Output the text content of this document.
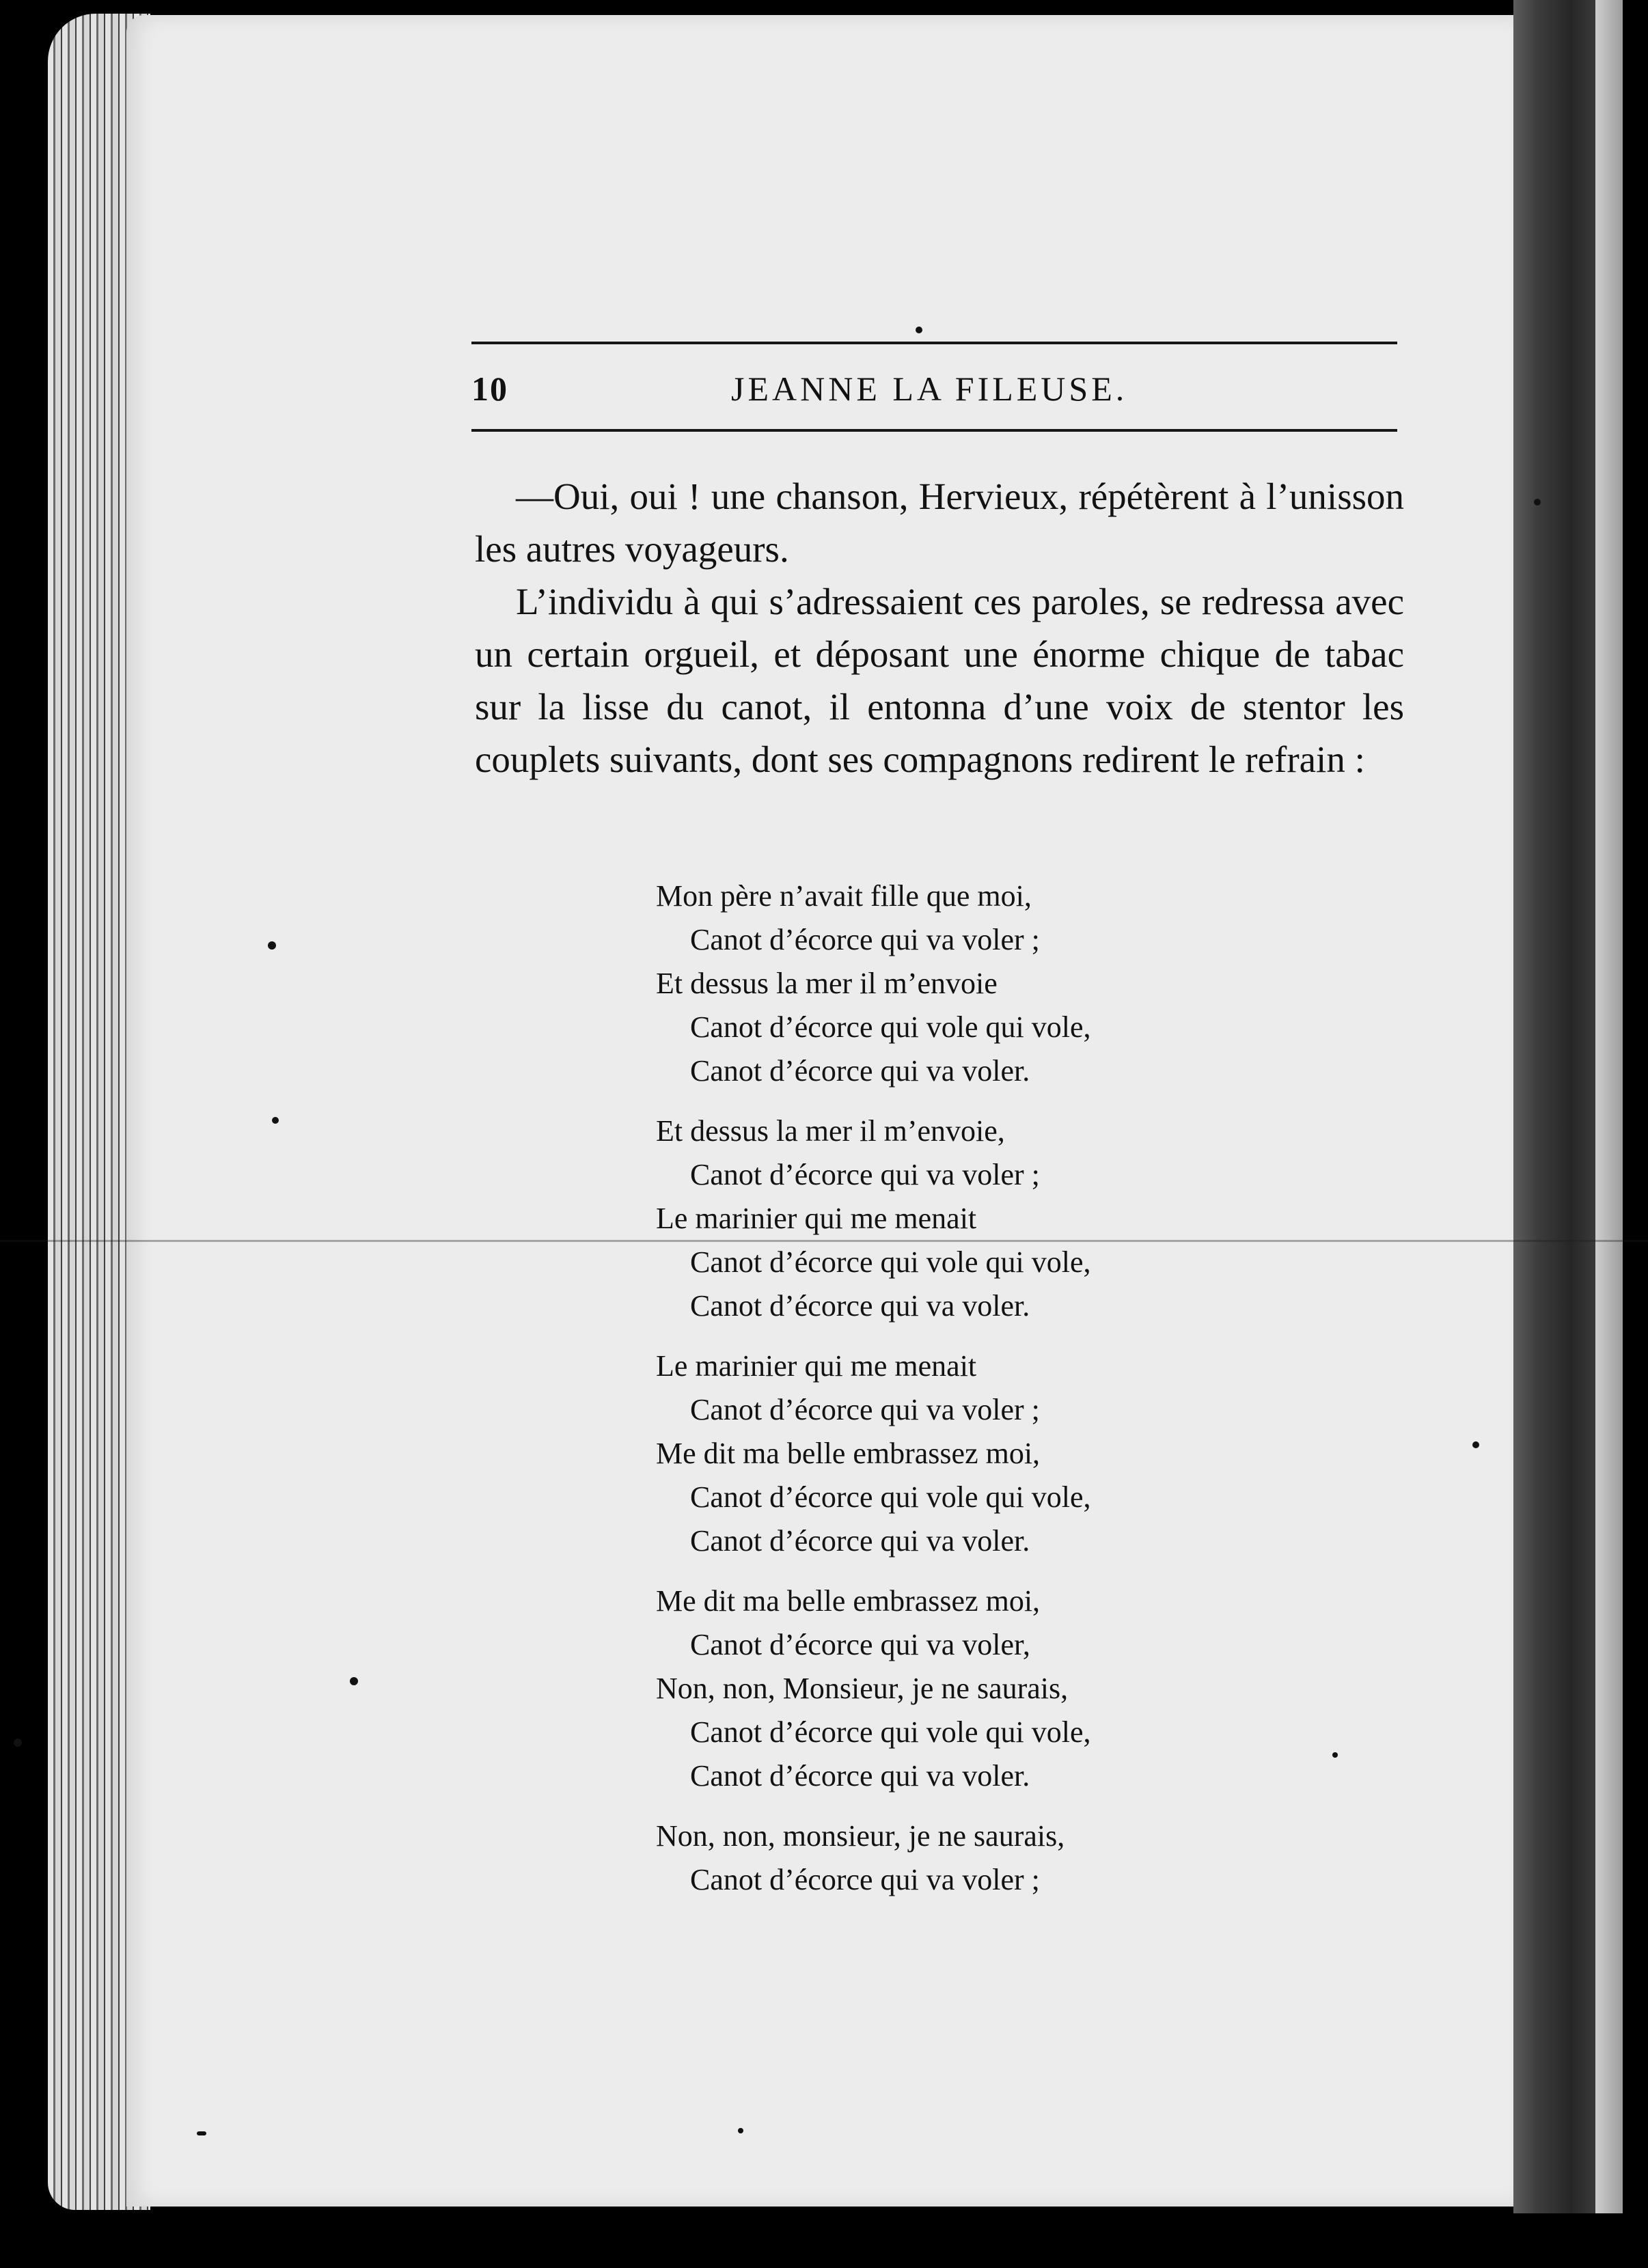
10	JEANNE LA FILEUSE.

—Oui, oui ! une chanson, Hervieux, répétèrent à l’unisson les autres voyageurs.

L’individu à qui s’adressaient ces paroles, se redressa avec un certain orgueil, et déposant une énorme chique de tabac sur la lisse du canot, il entonna d’une voix de stentor les couplets suivants, dont ses compagnons redirent le refrain :

Mon père n’avait fille que moi,
Canot d’écorce qui va voler ;
Et dessus la mer il m’envoie
Canot d’écorce qui vole qui vole,
Canot d’écorce qui va voler.
Et dessus la mer il m’envoie,
Canot d’écorce qui va voler ;
Le marinier qui me menait
Canot d’écorce qui vole qui vole,
Canot d’écorce qui va voler.
Le marinier qui me menait
Canot d’écorce qui va voler ;
Me dit ma belle embrassez moi,
Canot d’écorce qui vole qui vole,
Canot d’écorce qui va voler.
Me dit ma belle embrassez moi,
Canot d’écorce qui va voler,
Non, non, Monsieur, je ne saurais,
Canot d’écorce qui vole qui vole,
Canot d’écorce qui va voler.
Non, non, monsieur, je ne saurais,
Canot d’écorce qui va voler ;
